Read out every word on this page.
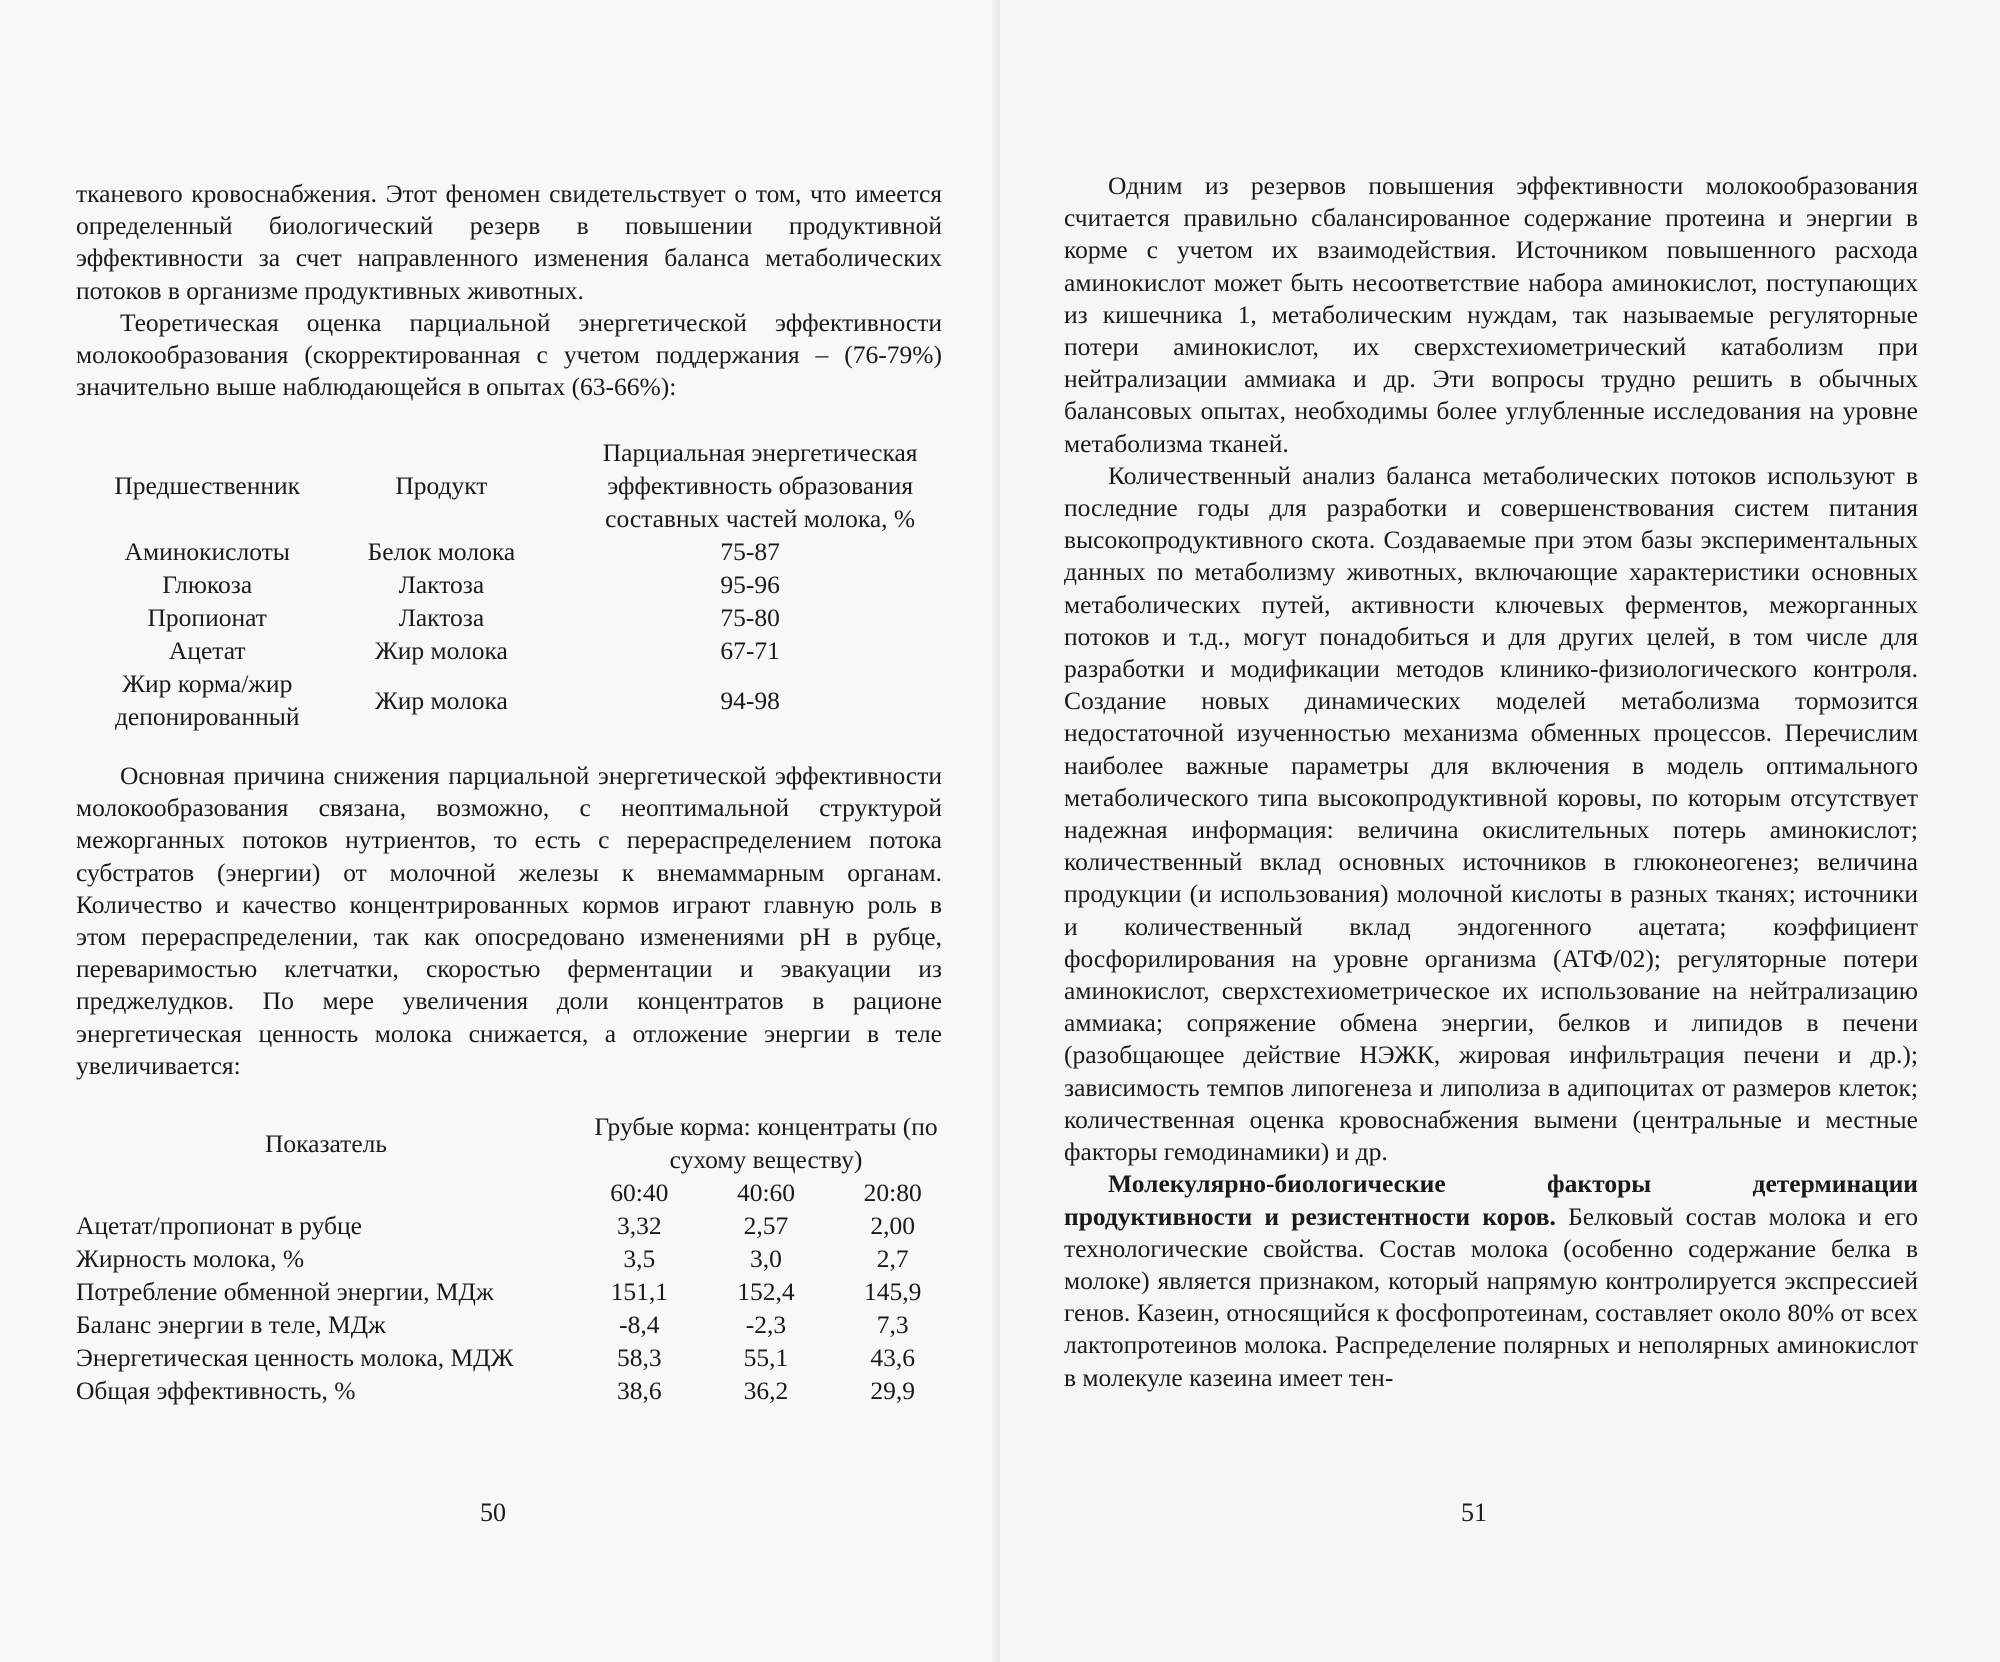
тканевого кровоснабжения. Этот феномен свидетельствует о том, что имеется определенный биологический резерв в повышении продуктивной эффективности за счет направленного изменения баланса метаболических потоков в организме продуктивных животных.

Теоретическая оценка парциальной энергетической эффективности молокообразования (скорректированная с учетом поддержания – (76-79%) значительно выше наблюдающейся в опытах (63-66%):

Предшественник	Продукт	Парциальная энергетическая эффективность образования составных частей молока, %
Аминокислоты	Белок молока	75-87
Глюкоза	Лактоза	95-96
Пропионат	Лактоза	75-80
Ацетат	Жир молока	67-71
Жир корма/жир депонированный	Жир молока	94-98

Основная причина снижения парциальной энергетической эффективности молокообразования связана, возможно, с неоптимальной структурой межорганных потоков нутриентов, то есть с перераспределением потока субстратов (энергии) от молочной железы к внемаммарным органам. Количество и качество концентрированных кормов играют главную роль в этом перераспределении, так как опосредовано изменениями рН в рубце, переваримостью клетчатки, скоростью ферментации и эвакуации из преджелудков. По мере увеличения доли концентратов в рационе энергетическая ценность молока снижается, а отложение энергии в теле увеличивается:

Показатель	Грубые корма: концентраты (по сухому веществу)		

	60:40	40:60	20:80
Ацетат/пропионат в рубце	3,32	2,57	2,00
Жирность молока, %	3,5	3,0	2,7
Потребление обменной энергии, МДж	151,1	152,4	145,9
Баланс энергии в теле, МДж	-8,4	-2,3	7,3
Энергетическая ценность молока, МДЖ	58,3	55,1	43,6
Общая эффективность, %	38,6	36,2	29,9
50

Одним из резервов повышения эффективности молокообразования считается правильно сбалансированное содержание протеина и энергии в корме с учетом их взаимодействия. Источником повышенного расхода аминокислот может быть несоответствие набора аминокислот, поступающих из кишечника 1, метаболическим нуждам, так называемые регуляторные потери аминокислот, их сверхстехиометрический катаболизм при нейтрализации аммиака и др. Эти вопросы трудно решить в обычных балансовых опытах, необходимы более углубленные исследования на уровне метаболизма тканей.

Количественный анализ баланса метаболических потоков используют в последние годы для разработки и совершенствования систем питания высокопродуктивного скота. Создаваемые при этом базы экспериментальных данных по метаболизму животных, включающие характеристики основных метаболических путей, активности ключевых ферментов, межорганных потоков и т.д., могут понадобиться и для других целей, в том числе для разработки и модификации методов клинико-физиологического контроля. Создание новых динамических моделей метаболизма тормозится недостаточной изученностью механизма обменных процессов. Перечислим наиболее важные параметры для включения в модель оптимального метаболического типа высокопродуктивной коровы, по которым отсутствует надежная информация: величина окислительных потерь аминокислот; количественный вклад основных источников в глюконеогенез; величина продукции (и использования) молочной кислоты в разных тканях; источники и количественный вклад эндогенного ацетата; коэффициент фосфорилирования на уровне организма (АТФ/02); регуляторные потери аминокислот, сверхстехиометрическое их использование на нейтрализацию аммиака; сопряжение обмена энергии, белков и липидов в печени (разобщающее действие НЭЖК, жировая инфильтрация печени и др.); зависимость темпов липогенеза и липолиза в адипоцитах от размеров клеток; количественная оценка кровоснабжения вымени (центральные и местные факторы гемодинамики) и др.

Молекулярно-биологические факторы детерминации продуктивности и резистентности коров. Белковый состав молока и его технологические свойства. Состав молока (особенно содержание белка в молоке) является признаком, который напрямую контролируется экспрессией генов. Казеин, относящийся к фосфопротеинам, составляет около 80% от всех лактопротеинов молока. Распределение полярных и неполярных аминокислот в молекуле казеина имеет тен-

51
